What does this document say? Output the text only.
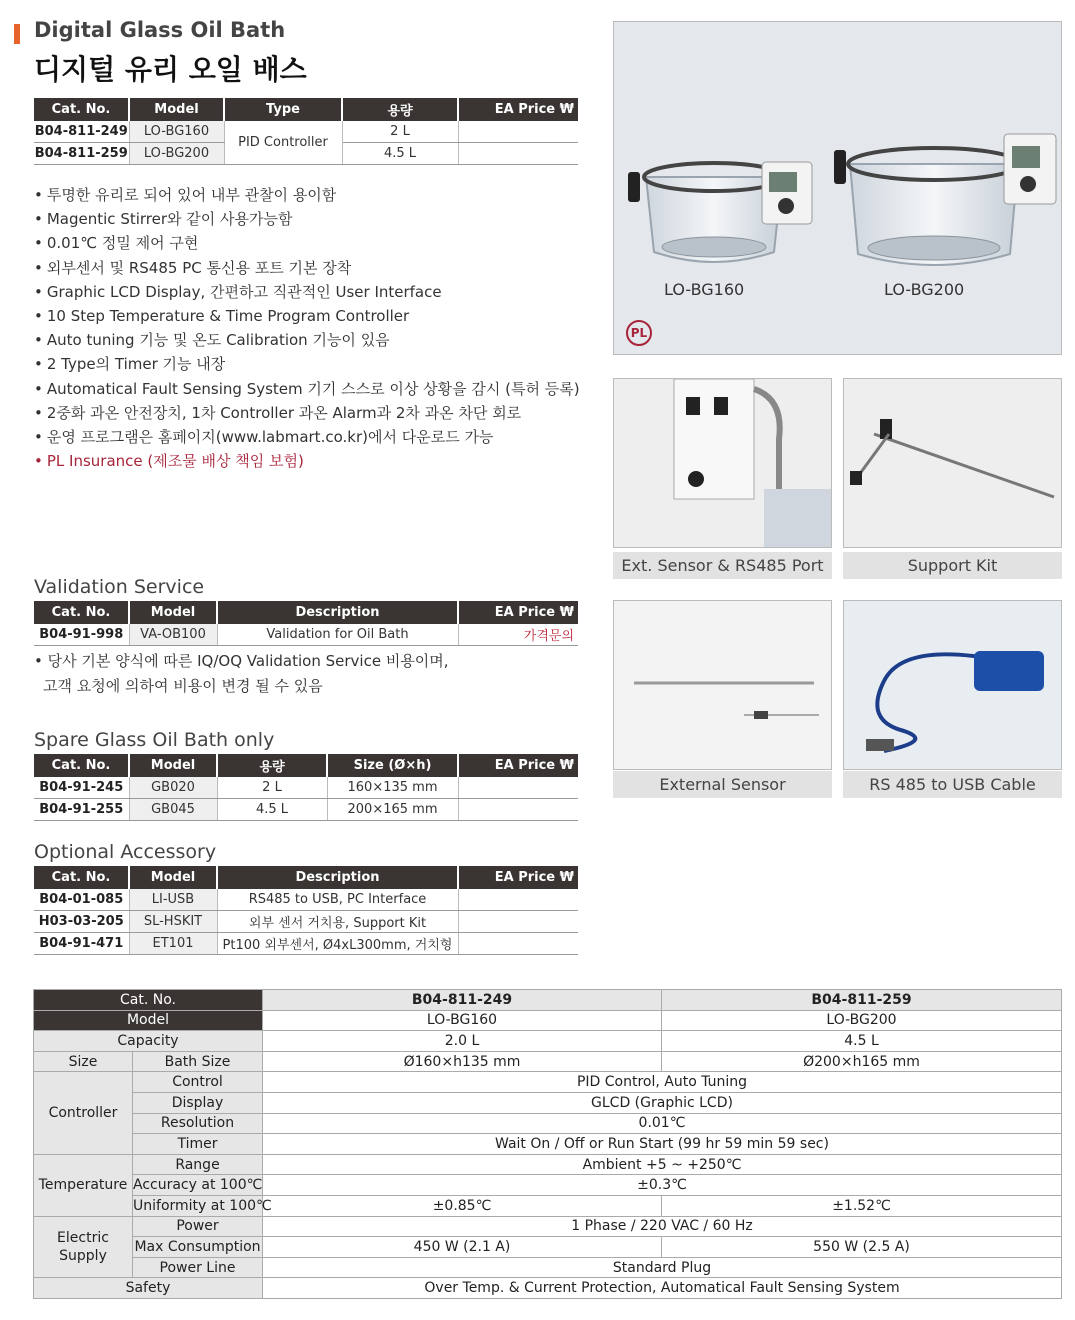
Digital Glass Oil Bath
디지털 유리 오일 배스
Cat. No.	Model	Type	용량	EA Price ₩
B04-811-249	LO-BG160	PID Controller	2 L	
B04-811-259	LO-BG200		4.5 L	
• 투명한 유리로 되어 있어 내부 관찰이 용이함
• Magentic Stirrer와 같이 사용가능함
• 0.01℃ 정밀 제어 구현
• 외부센서 및 RS485 PC 통신용 포트 기본 장착
• Graphic LCD Display, 간편하고 직관적인 User Interface
• 10 Step Temperature & Time Program Controller
• Auto tuning 기능 및 온도 Calibration 기능이 있음
• 2 Type의 Timer 기능 내장
• Automatical Fault Sensing System 기기 스스로 이상 상황을 감시 (특허 등록)
• 2중화 과온 안전장치, 1차 Controller 과온 Alarm과 2차 과온 차단 회로
• 운영 프로그램은 홈페이지(www.labmart.co.kr)에서 다운로드 가능
• PL Insurance (제조물 배상 책임 보험)
Validation Service
Cat. No.	Model	Description	EA Price ₩
B04-91-998	VA-OB100	Validation for Oil Bath	가격문의
• 당사 기본 양식에 따른 IQ/OQ Validation Service 비용이며,
고객 요청에 의하여 비용이 변경 될 수 있음
Spare Glass Oil Bath only
Cat. No.	Model	용량	Size (Ø×h)	EA Price ₩
B04-91-245	GB020	2 L	160×135 mm	
B04-91-255	GB045	4.5 L	200×165 mm	
Optional Accessory
Cat. No.	Model	Description	EA Price ₩
B04-01-085	LI-USB	RS485 to USB, PC Interface	
H03-03-205	SL-HSKIT	외부 센서 거치용, Support Kit	
B04-91-471	ET101	Pt100 외부센서, Ø4xL300mm, 거치형	
LO-BG160	LO-BG200
PL
Ext. Sensor & RS485 Port	Support Kit
External Sensor	RS 485 to USB Cable
Cat. No.		B04-811-249	B04-811-259
Model		LO-BG160	LO-BG200
Capacity		2.0 L	4.5 L
Size	Bath Size	Ø160×h135 mm	Ø200×h165 mm
Controller	Control	PID Control, Auto Tuning	
	Display	GLCD (Graphic LCD)	
	Resolution	0.01℃	
	Timer	Wait On / Off or Run Start (99 hr 59 min 59 sec)	
Temperature	Range	Ambient +5 ~ +250℃	
	Accuracy at 100℃	±0.3℃	
	Uniformity at 100℃	±0.85℃	±1.52℃

Electric
Supply	Power	1 Phase / 220 VAC / 60 Hz	
	Max Consumption	450 W (2.1 A)	550 W (2.5 A)
	Power Line	Standard Plug	
Safety		Over Temp. & Current Protection, Automatical Fault Sensing System	
